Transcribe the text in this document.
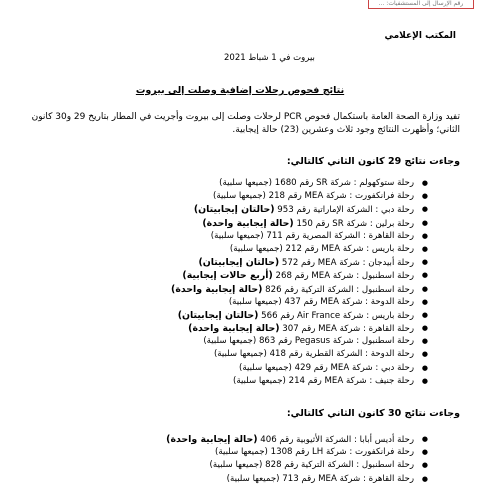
رقم الإرسال إلى المستشفيات: ...
المكتب الإعلامي
بيروت في 1 شباط 2021
نتائج فحوص رحلات إضافية وصلت إلى بيروت
تفيد وزارة الصحة العامة باستكمال فحوص PCR لرحلات وصلت إلى بيروت وأجريت في المطار بتاريخ 29 و30 كانون الثاني؛ وأظهرت النتائج وجود ثلاث وعشرين (23) حالة إيجابية.
وجاءت نتائج 29 كانون الثاني كالتالي:
●
رحلة ستوكهولم : شركة SR رقم 1680 (جميعها سلبية)
●
رحلة فرانكفورت : شركة MEA رقم 218 (جميعها سلبية)
●
رحلة دبي : الشركة الإماراتية رقم 953 (حالتان إيجابيتان)
●
رحلة برلين : شركة SR رقم 150 (حالة إيجابية واحدة)
●
رحلة القاهرة : الشركة المصرية رقم 711 (جميعها سلبية)
●
رحلة باريس : شركة MEA رقم 212 (جميعها سلبية)
●
رحلة أبيدجان : شركة MEA رقم 572 (حالتان إيجابيتان)
●
رحلة اسطنبول : شركة MEA رقم 268 (أربع حالات إيجابية)
●
رحلة اسطنبول : الشركة التركية رقم 826 (حالة إيجابية واحدة)
●
رحلة الدوحة : شركة MEA رقم 437 (جميعها سلبية)
●
رحلة باريس : شركة Air France رقم 566 (حالتان إيجابيتان)
●
رحلة القاهرة : شركة MEA رقم 307 (حالة إيجابية واحدة)
●
رحلة اسطنبول : شركة Pegasus رقم 863 (جميعها سلبية)
●
رحلة الدوحة : الشركة القطرية رقم 418 (جميعها سلبية)
●
رحلة دبي : شركة MEA رقم 429 (جميعها سلبية)
●
رحلة جنيف : شركة MEA رقم 214 (جميعها سلبية)
وجاءت نتائج 30 كانون الثاني كالتالي:
●
رحلة أديس أبابا : الشركة الأثيوبية رقم 406 (حالة إيجابية واحدة)
●
رحلة فرانكفورت : شركة LH رقم 1308 (جميعها سلبية)
●
رحلة اسطنبول : الشركة التركية رقم 828 (جميعها سلبية)
●
رحلة القاهرة : شركة MEA رقم 713 (جميعها سلبية)
